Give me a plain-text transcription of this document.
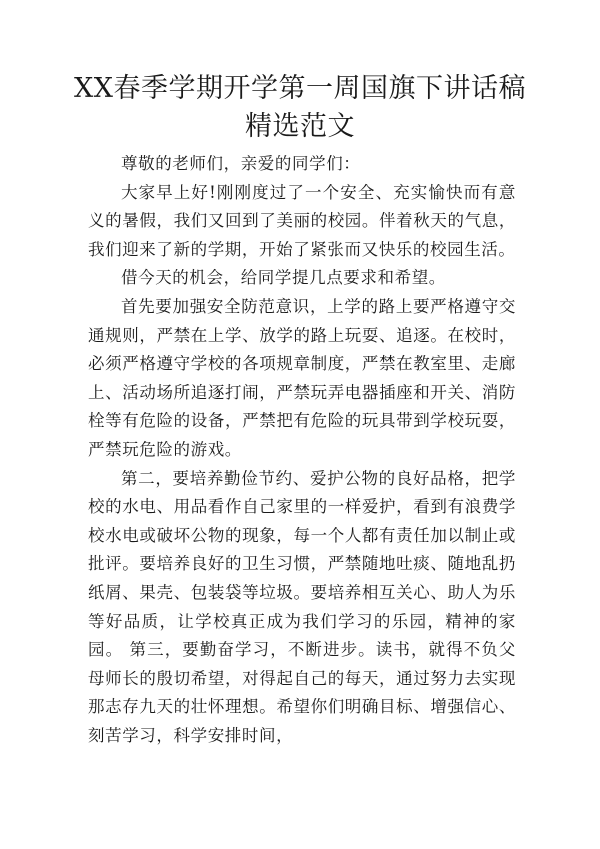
XX春季学期开学第一周国旗下讲话稿精选范文

尊敬的老师们，亲爱的同学们：

大家早上好!刚刚度过了一个安全、充实愉快而有意义的暑假，我们又回到了美丽的校园。伴着秋天的气息，我们迎来了新的学期，开始了紧张而又快乐的校园生活。

借今天的机会，给同学提几点要求和希望。

首先要加强安全防范意识，上学的路上要严格遵守交通规则，严禁在上学、放学的路上玩耍、追逐。在校时，必须严格遵守学校的各项规章制度，严禁在教室里、走廊上、活动场所追逐打闹，严禁玩弄电器插座和开关、消防栓等有危险的设备，严禁把有危险的玩具带到学校玩耍，严禁玩危险的游戏。

第二，要培养勤俭节约、爱护公物的良好品格，把学校的水电、用品看作自己家里的一样爱护，看到有浪费学校水电或破坏公物的现象，每一个人都有责任加以制止或批评。要培养良好的卫生习惯，严禁随地吐痰、随地乱扔纸屑、果壳、包装袋等垃圾。要培养相互关心、助人为乐等好品质，让学校真正成为我们学习的乐园，精神的家园。 第三，要勤奋学习，不断进步。读书，就得不负父母师长的殷切希望，对得起自己的每天，通过努力去实现那志存九天的壮怀理想。希望你们明确目标、增强信心、刻苦学习，科学安排时间，
